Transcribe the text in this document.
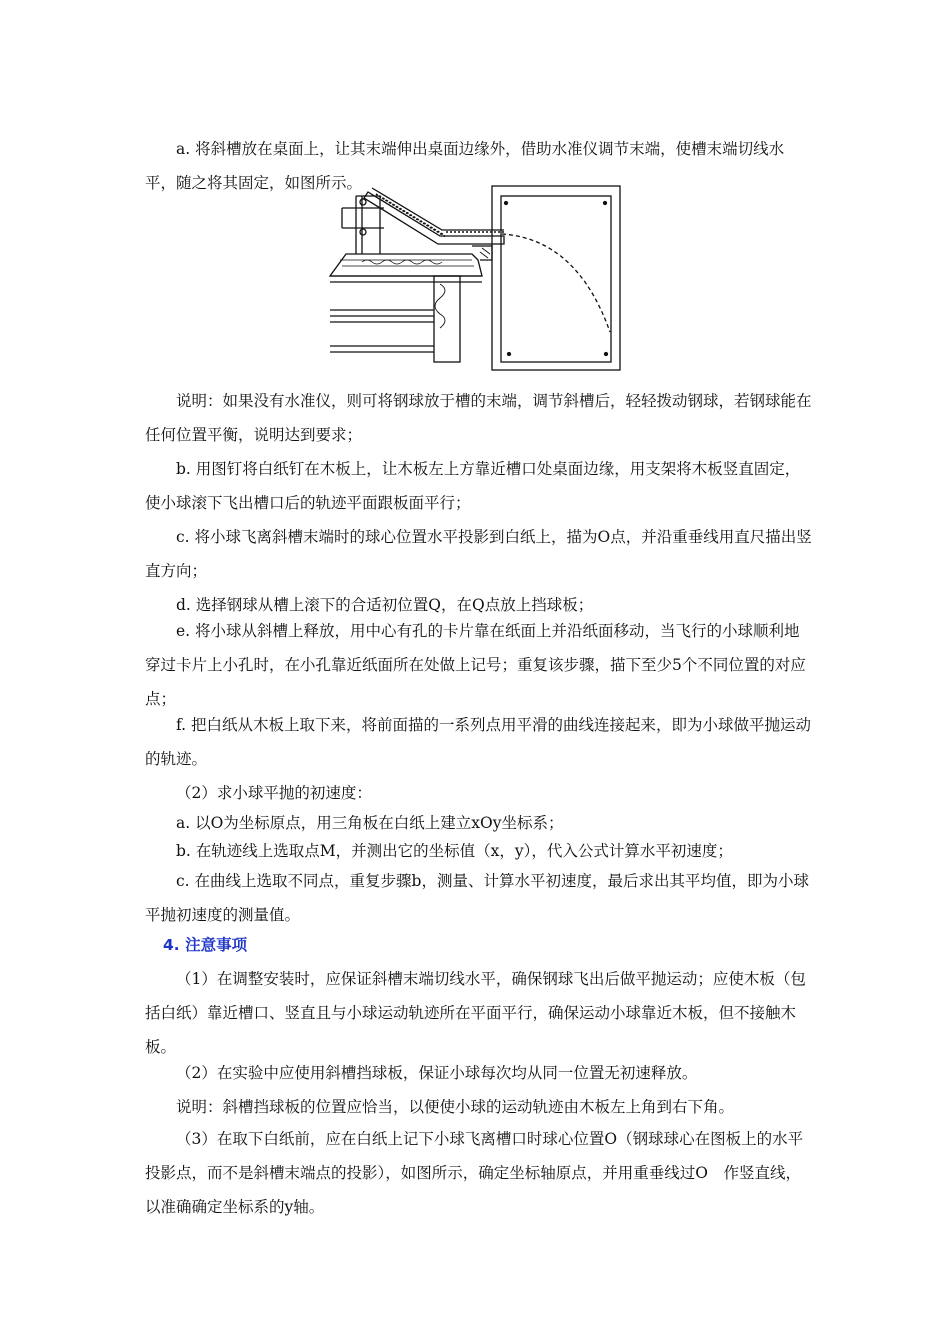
a. 将斜槽放在桌面上，让其末端伸出桌面边缘外，借助水准仪调节末端，使槽末端切线水平，随之将其固定，如图所示。

说明：如果没有水准仪，则可将钢球放于槽的末端，调节斜槽后，轻轻拨动钢球，若钢球能在任何位置平衡，说明达到要求；

b. 用图钉将白纸钉在木板上，让木板左上方靠近槽口处桌面边缘，用支架将木板竖直固定，使小球滚下飞出槽口后的轨迹平面跟板面平行；

c. 将小球飞离斜槽末端时的球心位置水平投影到白纸上，描为O点，并沿重垂线用直尺描出竖直方向；

d. 选择钢球从槽上滚下的合适初位置Q，在Q点放上挡球板；

e. 将小球从斜槽上释放，用中心有孔的卡片靠在纸面上并沿纸面移动，当飞行的小球顺利地穿过卡片上小孔时，在小孔靠近纸面所在处做上记号；重复该步骤，描下至少5个不同位置的对应点；

f. 把白纸从木板上取下来，将前面描的一系列点用平滑的曲线连接起来，即为小球做平抛运动的轨迹。

（2）求小球平抛的初速度：

a. 以O为坐标原点，用三角板在白纸上建立xOy坐标系；

b. 在轨迹线上选取点M，并测出它的坐标值（x，y），代入公式计算水平初速度；

c. 在曲线上选取不同点，重复步骤b，测量、计算水平初速度，最后求出其平均值，即为小球平抛初速度的测量值。

4. 注意事项

（1）在调整安装时，应保证斜槽末端切线水平，确保钢球飞出后做平抛运动；应使木板（包括白纸）靠近槽口、竖直且与小球运动轨迹所在平面平行，确保运动小球靠近木板，但不接触木板。

（2）在实验中应使用斜槽挡球板，保证小球每次均从同一位置无初速释放。

说明：斜槽挡球板的位置应恰当，以便使小球的运动轨迹由木板左上角到右下角。

（3）在取下白纸前，应在白纸上记下小球飞离槽口时球心位置O（钢球球心在图板上的水平投影点，而不是斜槽末端点的投影），如图所示，确定坐标轴原点，并用重垂线过O　作竖直线，以准确确定坐标系的y轴。
